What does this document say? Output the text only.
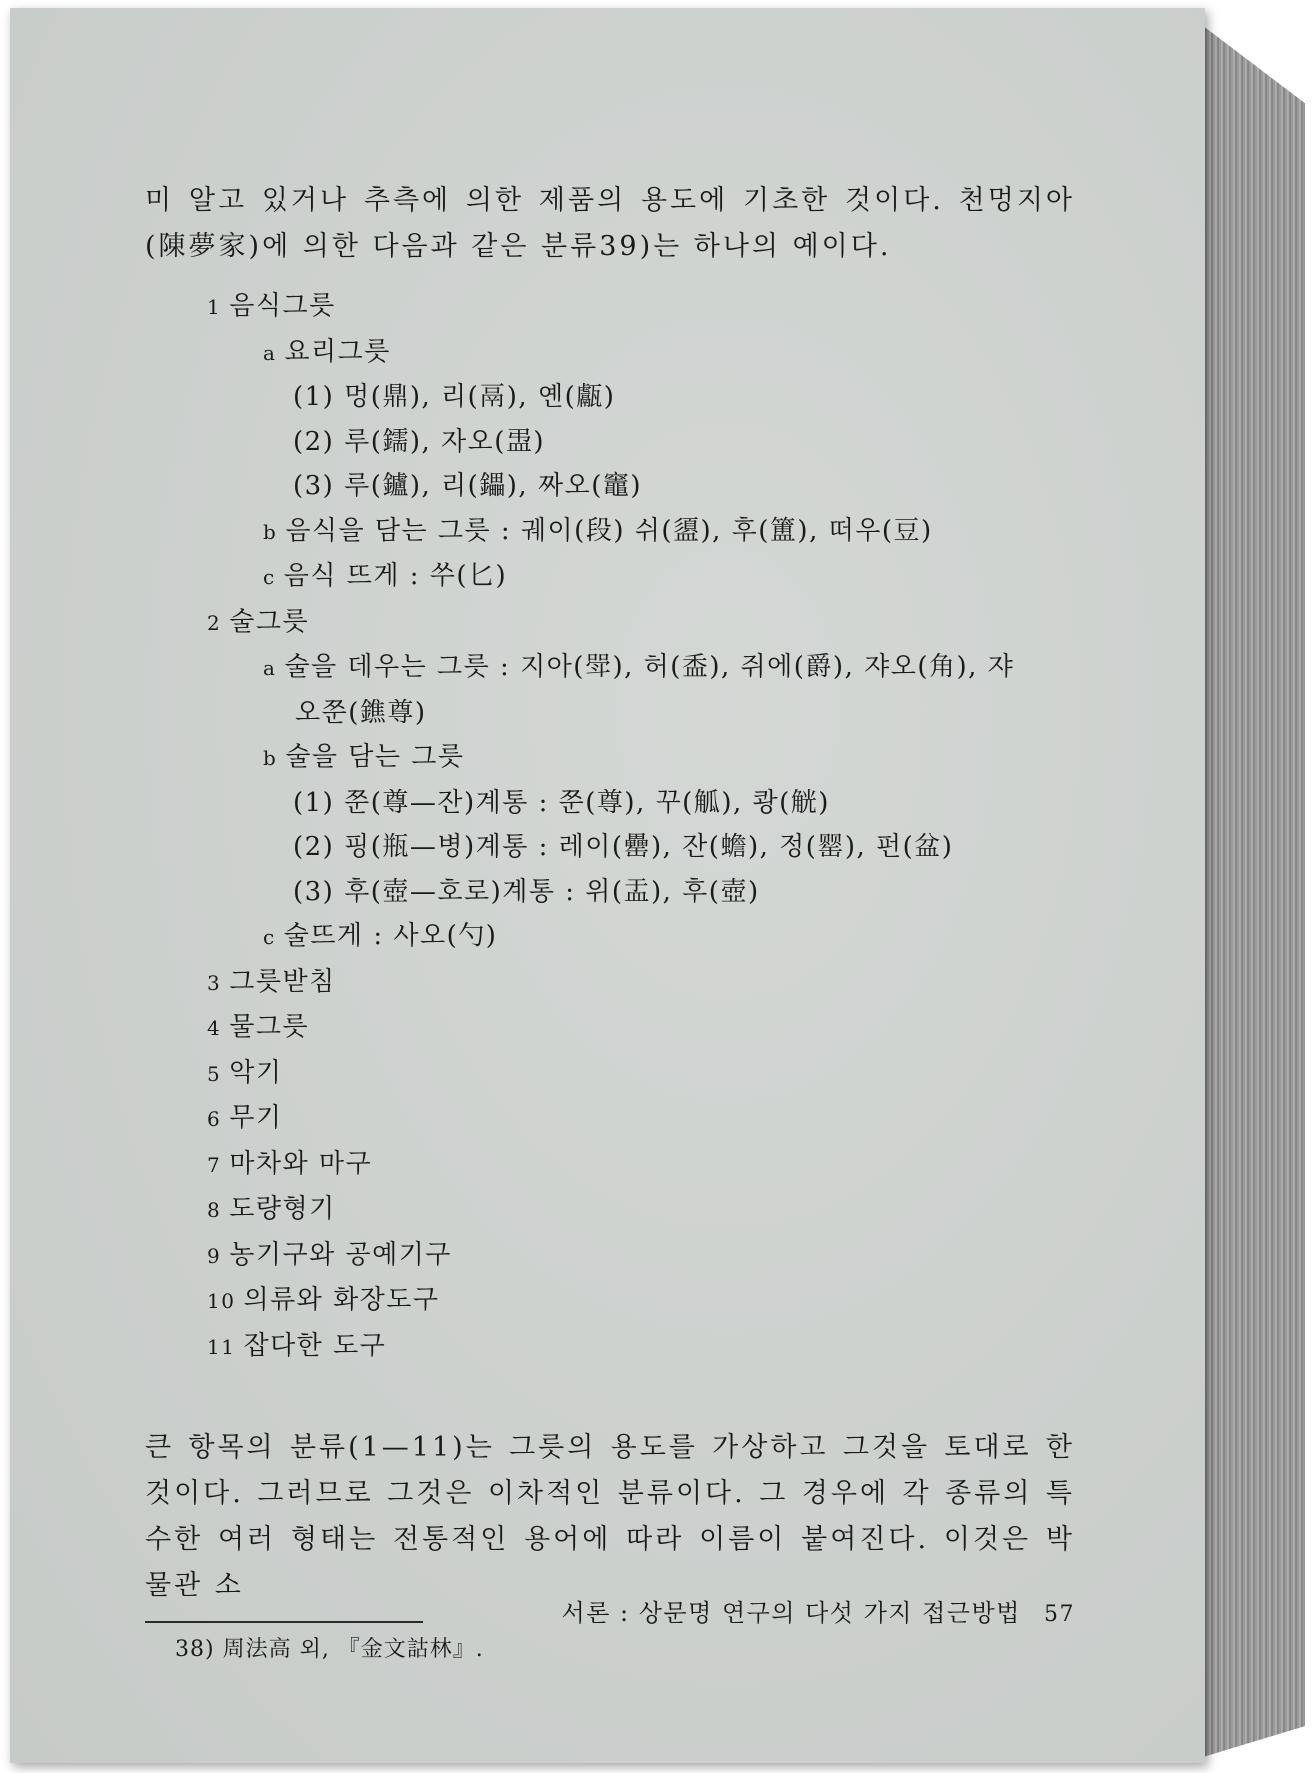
미 알고 있거나 추측에 의한 제품의 용도에 기초한 것이다. 천멍지아(陳夢家)에 의한 다음과 같은 분류39)는 하나의 예이다.

1 음식그릇
a 요리그릇
(1) 멍(鼎), 리(鬲), 옌(甗)
(2) 루(鑐), 자오(盄)
(3) 루(鑪), 리(鑘), 짜오(竈)
b 음식을 담는 그릇 : 궤이(段) 쉬(盨), 후(簠), 떠우(豆)
c 음식 뜨게 : 쑤(匕)
2 술그릇
a 술을 데우는 그릇 : 지아(斝), 허(盉), 쥐에(爵), 쟈오(角), 쟈
오쭌(鐎尊)
b 술을 담는 그릇
(1) 쭌(尊—잔)계통 : 쭌(尊), 꾸(觚), 쾅(觥)
(2) 핑(瓶—병)계통 : 레이(罍), 잔(蟾), 정(罂), 펀(盆)
(3) 후(壺—호로)계통 : 위(盂), 후(壺)
c 술뜨게 : 사오(勺)
3 그릇받침
4 물그릇
5 악기
6 무기
7 마차와 마구
8 도량형기
9 농기구와 공예기구
10 의류와 화장도구
11 잡다한 도구

큰 항목의 분류(1—11)는 그릇의 용도를 가상하고 그것을 토대로 한 것이다. 그러므로 그것은 이차적인 분류이다. 그 경우에 각 종류의 특수한 여러 형태는 전통적인 용어에 따라 이름이 붙여진다. 이것은 박물관 소

38) 周法高 외, 『金文詁林』.
서론 : 상문명 연구의 다섯 가지 접근방법 57
